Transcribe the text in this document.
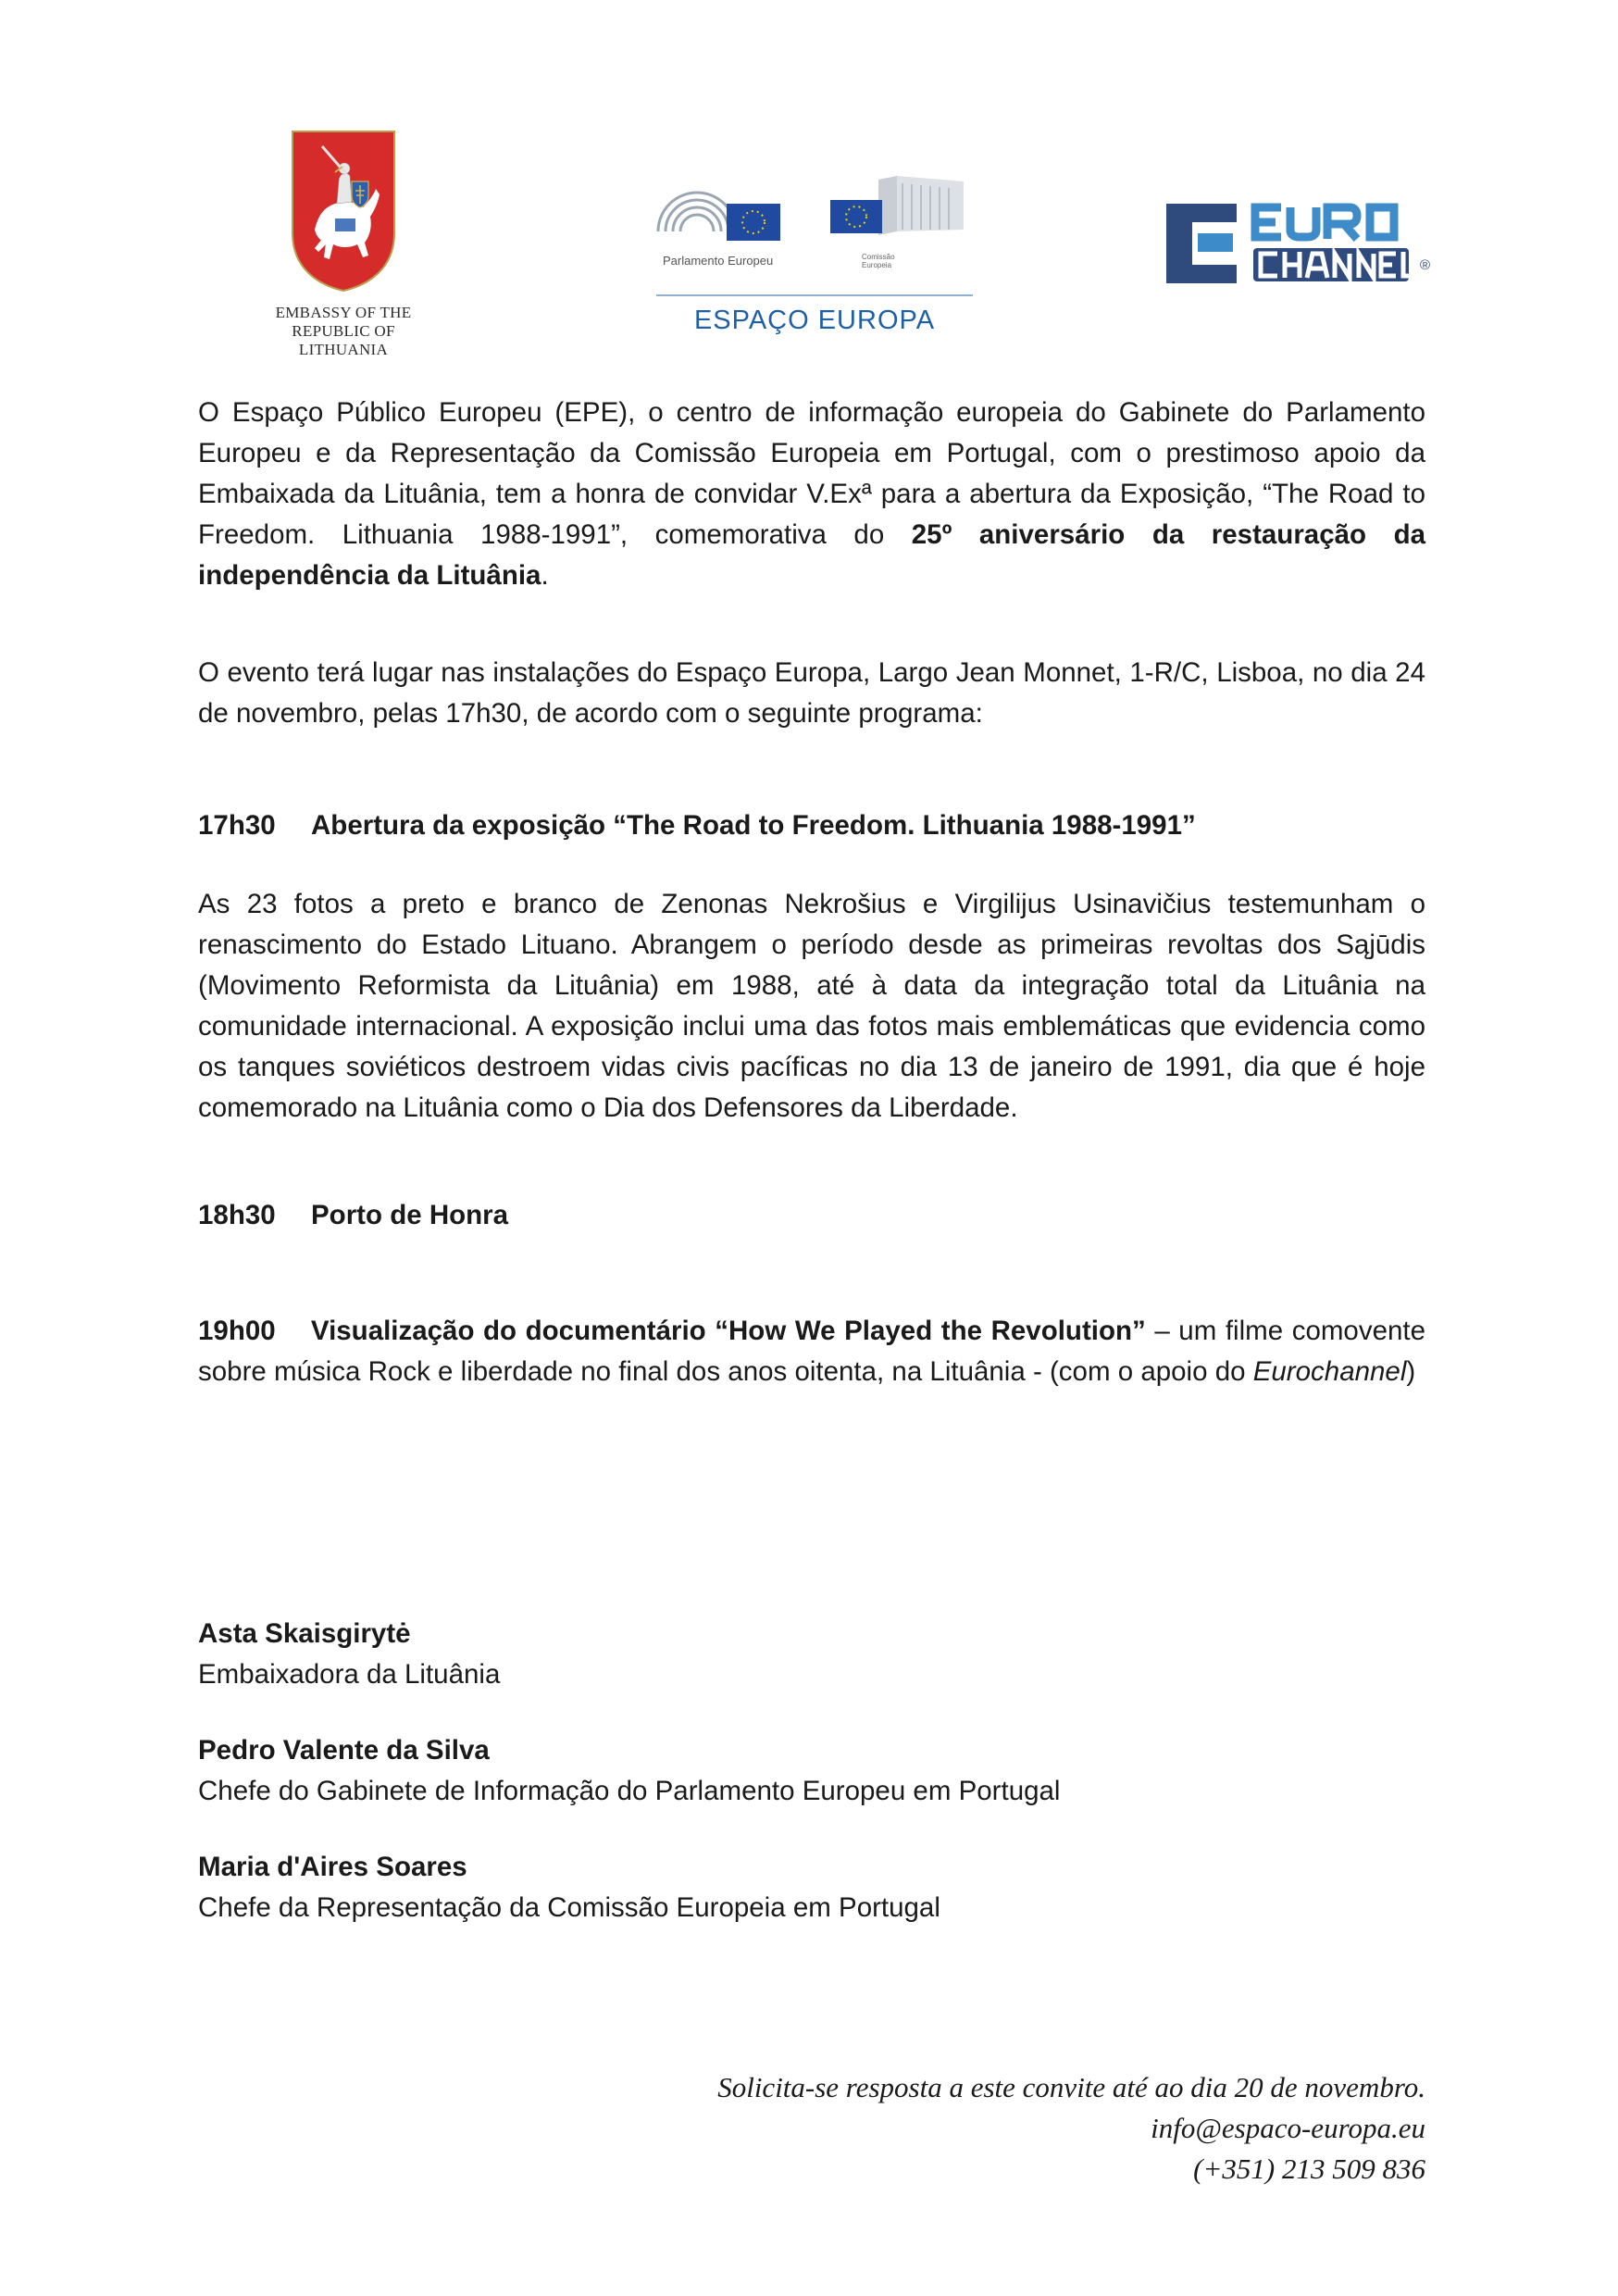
EMBASSY OF THE
REPUBLIC OF
LITHUANIA
Parlamento Europeu	Comissão
Europeia
ESPAÇO EUROPA
®
O Espaço Público Europeu (EPE), o centro de informação europeia do Gabinete do Parlamento Europeu e da Representação da Comissão Europeia em Portugal, com o prestimoso apoio da Embaixada da Lituânia, tem a honra de convidar V.Exª para a abertura da Exposição, “The Road to Freedom. Lithuania 1988-1991”, comemorativa do 25º aniversário da restauração da independência da Lituânia.
O evento terá lugar nas instalações do Espaço Europa, Largo Jean Monnet, 1-R/C, Lisboa, no dia 24 de novembro, pelas 17h30, de acordo com o seguinte programa:
17h30	Abertura da exposição “The Road to Freedom. Lithuania 1988-1991”
As 23 fotos a preto e branco de Zenonas Nekrošius e Virgilijus Usinavičius testemunham o renascimento do Estado Lituano. Abrangem o período desde as primeiras revoltas dos Sąjūdis (Movimento Reformista da Lituânia) em 1988, até à data da integração total da Lituânia na comunidade internacional. A exposição inclui uma das fotos mais emblemáticas que evidencia como os tanques soviéticos destroem vidas civis pacíficas no dia 13 de janeiro de 1991, dia que é hoje comemorado na Lituânia como o Dia dos Defensores da Liberdade.
18h30	Porto de Honra
19h00 Visualização do documentário “How We Played the Revolution” – um filme comovente sobre música Rock e liberdade no final dos anos oitenta, na Lituânia - (com o apoio do Eurochannel)
Asta Skaisgirytė
Embaixadora da Lituânia
Pedro Valente da Silva
Chefe do Gabinete de Informação do Parlamento Europeu em Portugal
Maria d'Aires Soares
Chefe da Representação da Comissão Europeia em Portugal
Solicita-se resposta a este convite até ao dia 20 de novembro.
info@espaco-europa.eu
(+351) 213 509 836
